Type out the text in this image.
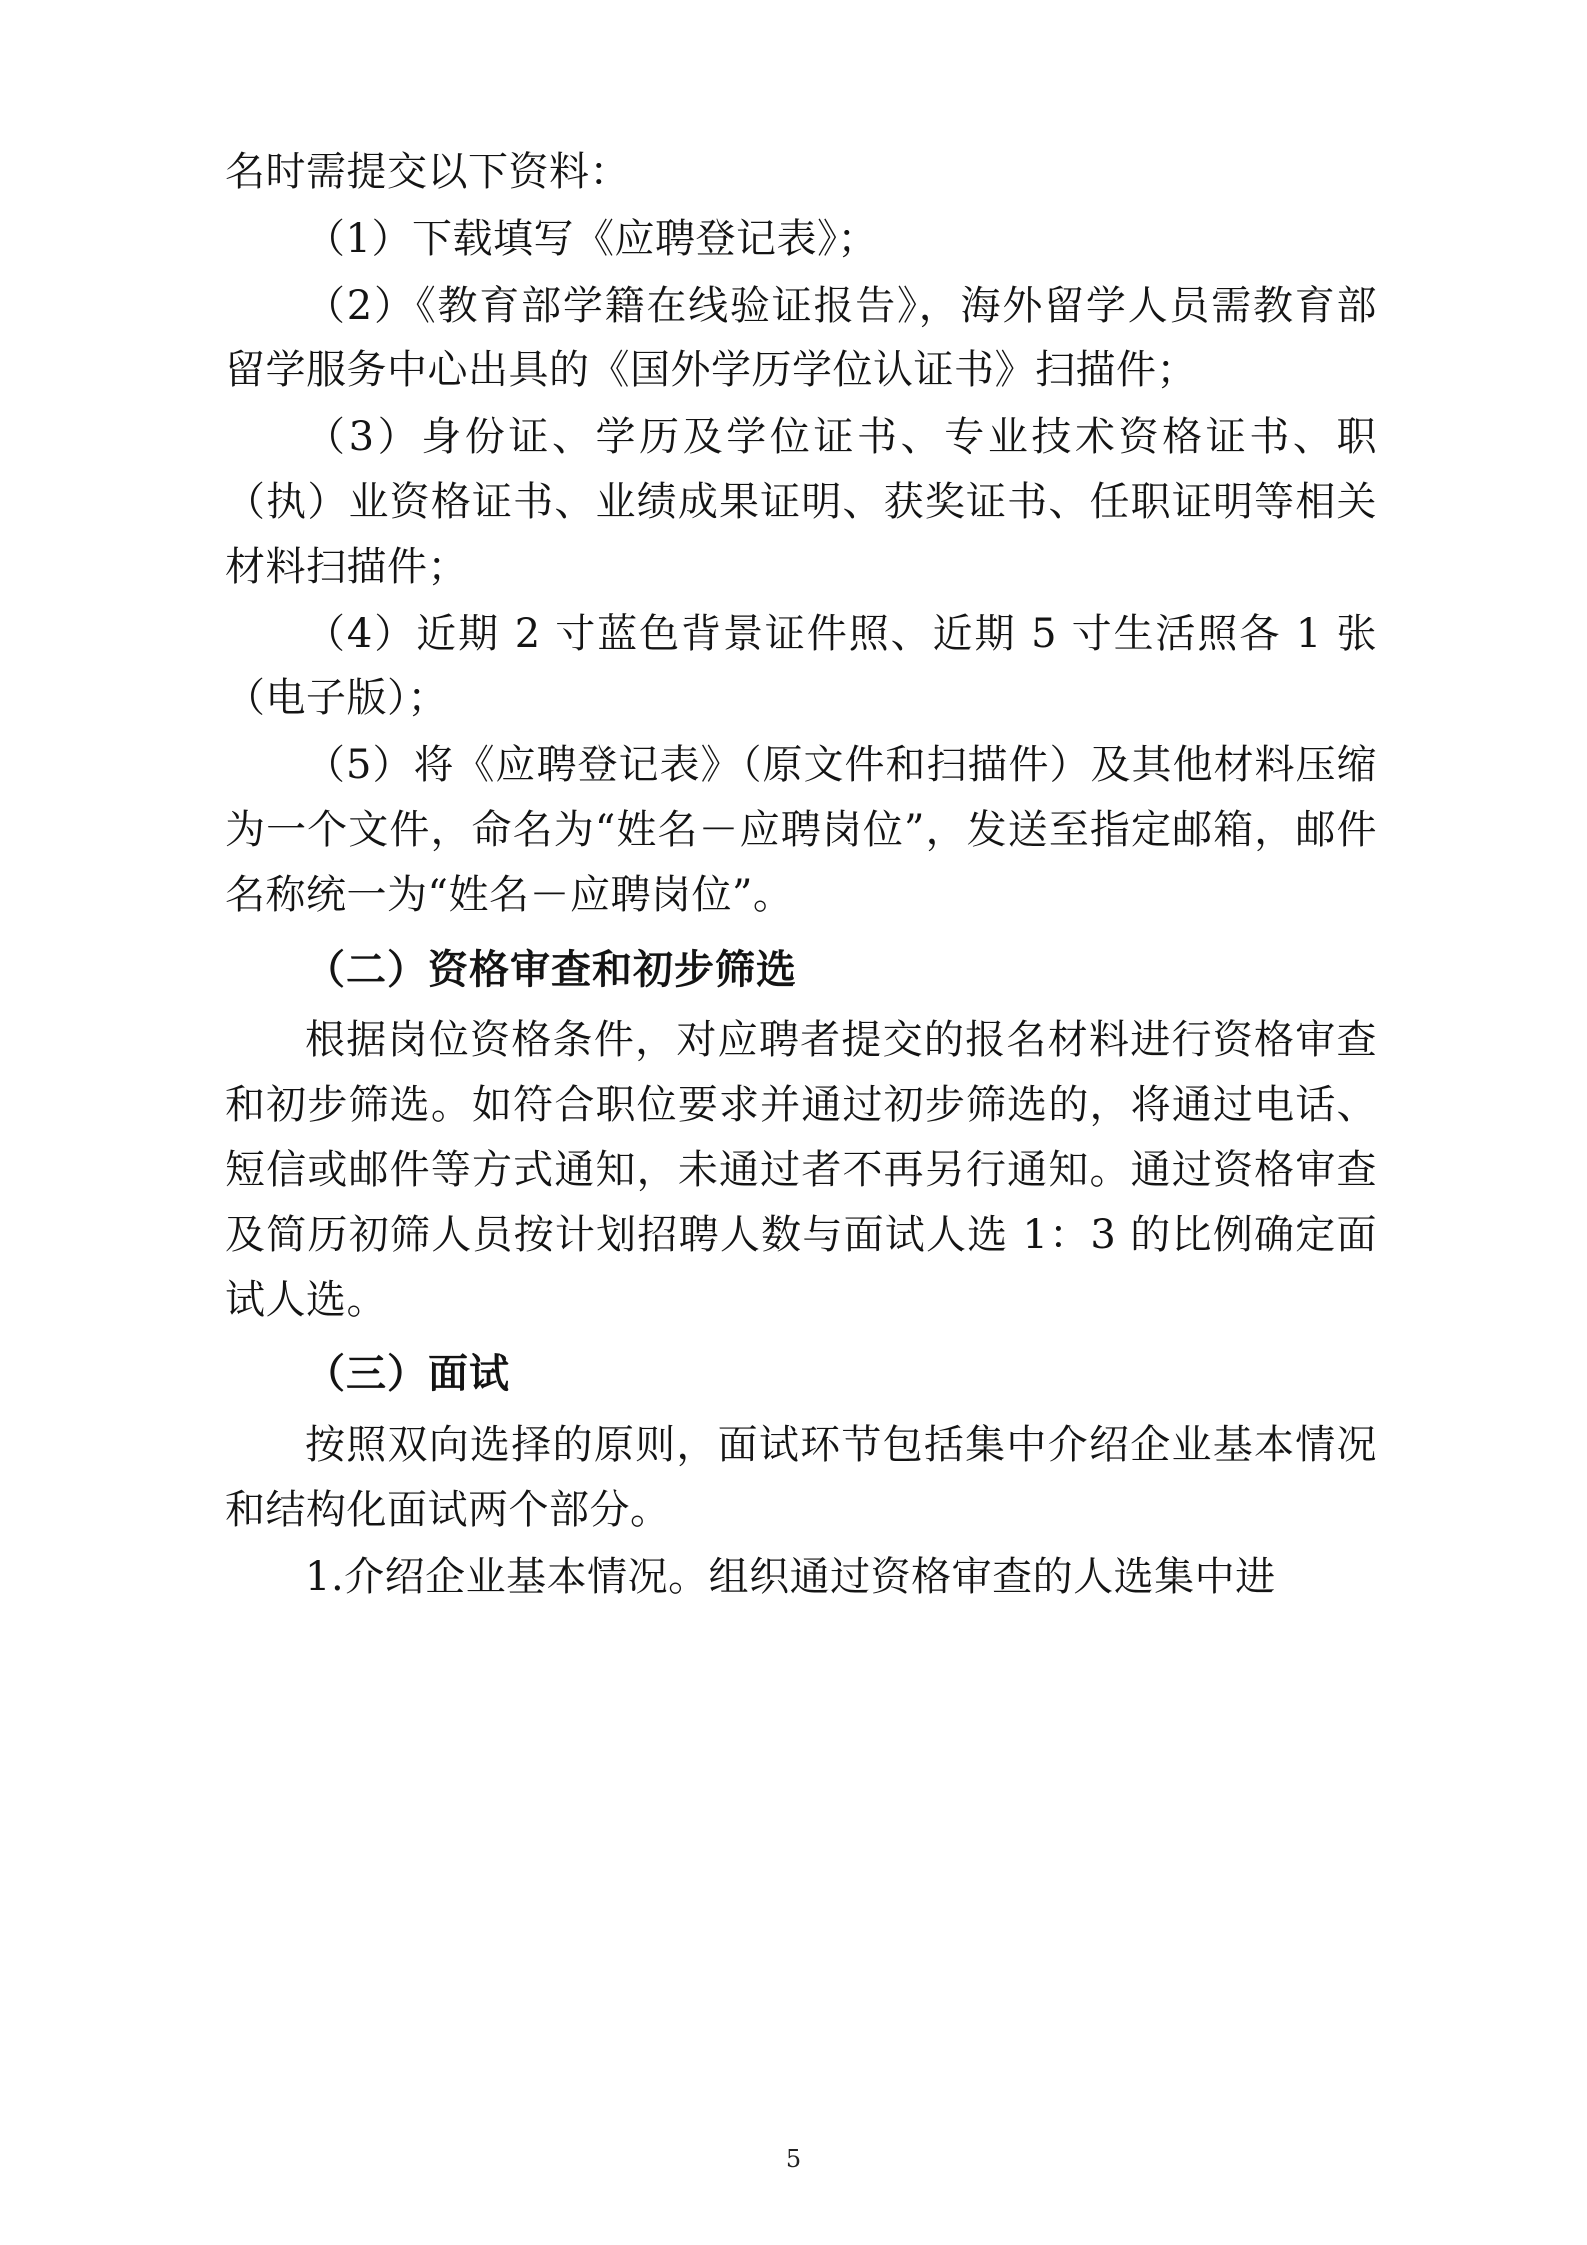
名时需提交以下资料：

（1）下载填写《应聘登记表》；

（2）《教育部学籍在线验证报告》，海外留学人员需教育部留学服务中心出具的《国外学历学位认证书》扫描件；

（3）身份证、学历及学位证书、专业技术资格证书、职（执）业资格证书、业绩成果证明、获奖证书、任职证明等相关材料扫描件；

（4）近期 2 寸蓝色背景证件照、近期 5 寸生活照各 1 张（电子版）；

（5）将《应聘登记表》（原文件和扫描件）及其他材料压缩为一个文件，命名为“姓名－应聘岗位”，发送至指定邮箱，邮件名称统一为“姓名－应聘岗位”。

（二）资格审查和初步筛选

根据岗位资格条件，对应聘者提交的报名材料进行资格审查和初步筛选。如符合职位要求并通过初步筛选的，将通过电话、短信或邮件等方式通知，未通过者不再另行通知。通过资格审查及简历初筛人员按计划招聘人数与面试人选 1：3 的比例确定面试人选。

（三）面试

按照双向选择的原则，面试环节包括集中介绍企业基本情况和结构化面试两个部分。

1.介绍企业基本情况。组织通过资格审查的人选集中进

5
